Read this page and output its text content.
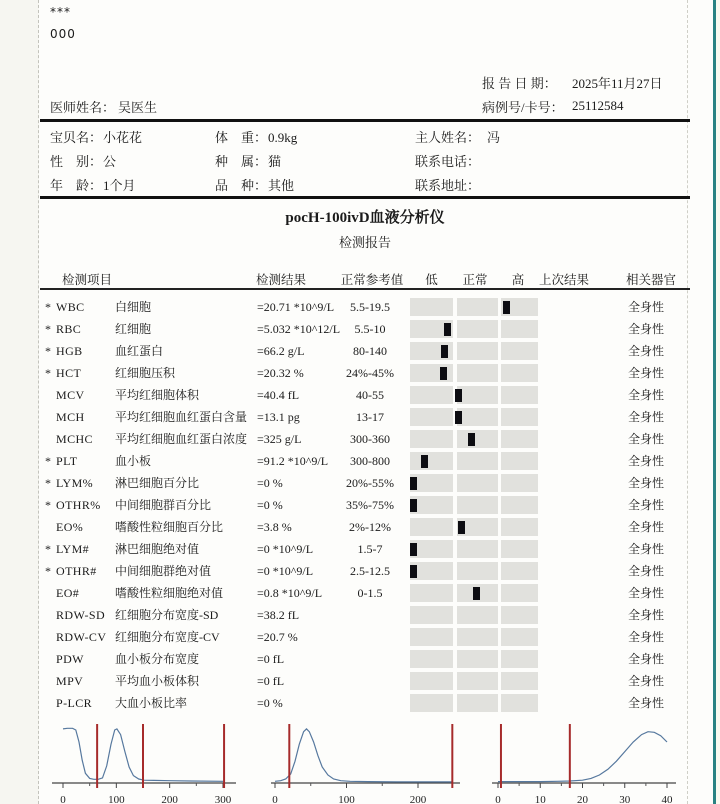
***
000
报 告 日 期： 2025年11月27日
病例号/卡号： 25112584
医师姓名： 吴医生
宝贝名：小花花
性　别：公
年　龄：1个月
体　重：0.9kg
种　属：猫
品　种：其他
主人姓名： 冯
联系电话：
联系地址：
pocH-100ivD血液分析仪
检测报告
检测项目	检测结果	正常参考值	低	正常	高	上次结果	相关器官
* WBC	白细胞	=20.71 *10^9/L	5.5-19.5	全身性
* RBC	红细胞	=5.032 *10^12/L	5.5-10	全身性
* HGB	血红蛋白	=66.2 g/L	80-140	全身性
* HCT	红细胞压积	=20.32 %	24%-45%	全身性
MCV	平均红细胞体积	=40.4 fL	40-55	全身性
MCH	平均红细胞血红蛋白含量 =13.1 pg	13-17	全身性
MCHC 平均红细胞血红蛋白浓度 =325 g/L	300-360	全身性
* PLT	血小板	=91.2 *10^9/L	300-800	全身性
* LYM% 淋巴细胞百分比	=0 %	20%-55%	全身性
* OTHR% 中间细胞群百分比	=0 %	35%-75%	全身性
EO%	嗜酸性粒细胞百分比	=3.8 %	2%-12%	全身性
* LYM# 淋巴细胞绝对值	=0 *10^9/L	1.5-7	全身性
* OTHR# 中间细胞群绝对值	=0 *10^9/L	2.5-12.5	全身性
EO#	嗜酸性粒细胞绝对值	=0.8 *10^9/L	0-1.5	全身性
RDW-SD 红细胞分布宽度-SD	=38.2 fL	全身性
RDW-CV 红细胞分布宽度-CV	=20.7 %	全身性
PDW	血小板分布宽度	=0 fL	全身性
MPV	平均血小板体积	=0 fL	全身性
P-LCR 大血小板比率	=0 %	全身性
0	100	200	300	0	100	200	0	10	20	30	40
